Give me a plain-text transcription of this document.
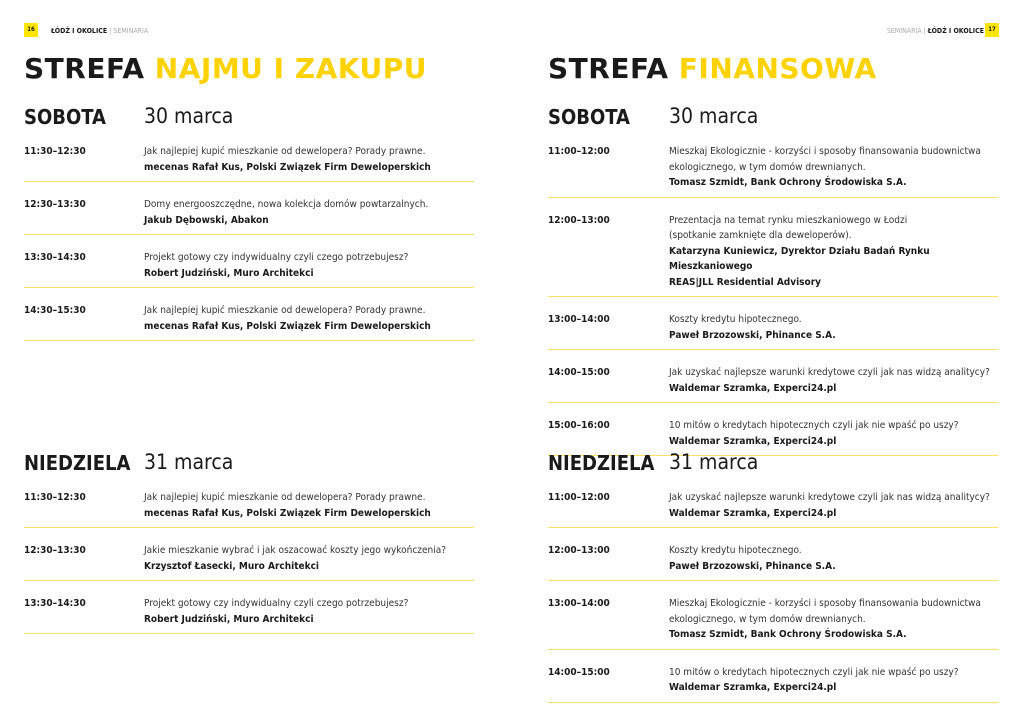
16	ŁÓDŹ I OKOLICE | SEMINARIA
STREFA NAJMU I ZAKUPU
SOBOTA 30 marca
11:30–12:30	Jak najlepiej kupić mieszkanie od dewelopera? Porady prawne.
mecenas Rafał Kus, Polski Związek Firm Deweloperskich
12:30–13:30	Domy energooszczędne, nowa kolekcja domów powtarzalnych.
Jakub Dębowski, Abakon
13:30–14:30	Projekt gotowy czy indywidualny czyli czego potrzebujesz?
Robert Judziński, Muro Architekci
14:30–15:30	Jak najlepiej kupić mieszkanie od dewelopera? Porady prawne.
mecenas Rafał Kus, Polski Związek Firm Deweloperskich
NIEDZIELA 31 marca
11:30–12:30	Jak najlepiej kupić mieszkanie od dewelopera? Porady prawne.
mecenas Rafał Kus, Polski Związek Firm Deweloperskich
12:30–13:30	Jakie mieszkanie wybrać i jak oszacować koszty jego wykończenia?
Krzysztof Łasecki, Muro Architekci
13:30–14:30	Projekt gotowy czy indywidualny czyli czego potrzebujesz?
Robert Judziński, Muro Architekci
SEMINARIA | ŁÓDŹ I OKOLICE 17
STREFA FINANSOWA
SOBOTA 30 marca
11:00–12:00	Mieszkaj Ekologicznie - korzyści i sposoby finansowania budownictwa
ekologicznego, w tym domów drewnianych.
Tomasz Szmidt, Bank Ochrony Środowiska S.A.
12:00–13:00	Prezentacja na temat rynku mieszkaniowego w Łodzi
(spotkanie zamknięte dla deweloperów).
Katarzyna Kuniewicz, Dyrektor Działu Badań Rynku Mieszkaniowego
REAS|JLL Residential Advisory
13:00–14:00	Koszty kredytu hipotecznego.
Paweł Brzozowski, Phinance S.A.
14:00–15:00	Jak uzyskać najlepsze warunki kredytowe czyli jak nas widzą analitycy?
Waldemar Szramka, Experci24.pl
15:00–16:00	10 mitów o kredytach hipotecznych czyli jak nie wpaść po uszy?
Waldemar Szramka, Experci24.pl
NIEDZIELA 31 marca
11:00–12:00	Jak uzyskać najlepsze warunki kredytowe czyli jak nas widzą analitycy?
Waldemar Szramka, Experci24.pl
12:00–13:00	Koszty kredytu hipotecznego.
Paweł Brzozowski, Phinance S.A.
13:00–14:00	Mieszkaj Ekologicznie - korzyści i sposoby finansowania budownictwa
ekologicznego, w tym domów drewnianych.
Tomasz Szmidt, Bank Ochrony Środowiska S.A.
14:00–15:00	10 mitów o kredytach hipotecznych czyli jak nie wpaść po uszy?
Waldemar Szramka, Experci24.pl
